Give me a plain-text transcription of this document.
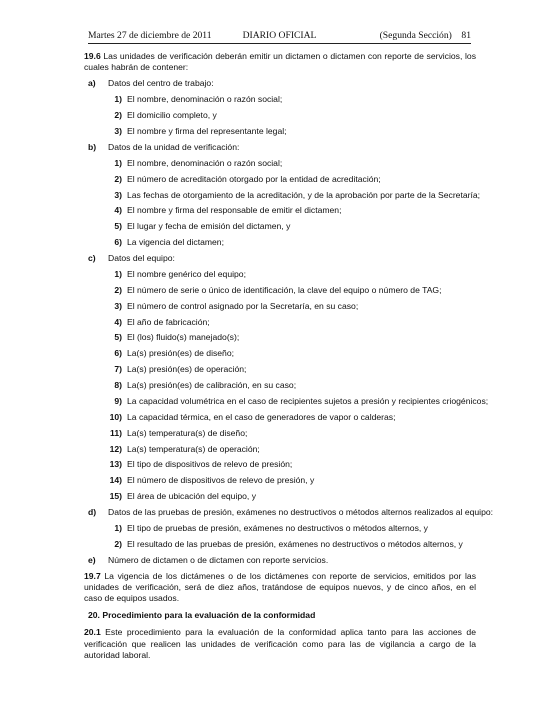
Martes 27 de diciembre de 2011	DIARIO OFICIAL	(Segunda Sección) 81

19.6 Las unidades de verificación deberán emitir un dictamen o dictamen con reporte de servicios, los cuales habrán de contener:

a) Datos del centro de trabajo:
1) El nombre, denominación o razón social;
2) El domicilio completo, y
3) El nombre y firma del representante legal;
b) Datos de la unidad de verificación:
1) El nombre, denominación o razón social;
2) El número de acreditación otorgado por la entidad de acreditación;
3) Las fechas de otorgamiento de la acreditación, y de la aprobación por parte de la Secretaría;
4) El nombre y firma del responsable de emitir el dictamen;
5) El lugar y fecha de emisión del dictamen, y
6) La vigencia del dictamen;
c) Datos del equipo:
1) El nombre genérico del equipo;
2) El número de serie o único de identificación, la clave del equipo o número de TAG;
3) El número de control asignado por la Secretaría, en su caso;
4) El año de fabricación;
5) El (los) fluido(s) manejado(s);
6) La(s) presión(es) de diseño;
7) La(s) presión(es) de operación;
8) La(s) presión(es) de calibración, en su caso;
9) La capacidad volumétrica en el caso de recipientes sujetos a presión y recipientes criogénicos;
10) La capacidad térmica, en el caso de generadores de vapor o calderas;
11) La(s) temperatura(s) de diseño;
12) La(s) temperatura(s) de operación;
13) El tipo de dispositivos de relevo de presión;
14) El número de dispositivos de relevo de presión, y
15) El área de ubicación del equipo, y
d) Datos de las pruebas de presión, exámenes no destructivos o métodos alternos realizados al equipo:
1) El tipo de pruebas de presión, exámenes no destructivos o métodos alternos, y
2) El resultado de las pruebas de presión, exámenes no destructivos o métodos alternos, y
e) Número de dictamen o de dictamen con reporte servicios.

19.7 La vigencia de los dictámenes o de los dictámenes con reporte de servicios, emitidos por las unidades de verificación, será de diez años, tratándose de equipos nuevos, y de cinco años, en el caso de equipos usados.

20. Procedimiento para la evaluación de la conformidad

20.1 Este procedimiento para la evaluación de la conformidad aplica tanto para las acciones de verificación que realicen las unidades de verificación como para las de vigilancia a cargo de la autoridad laboral.
